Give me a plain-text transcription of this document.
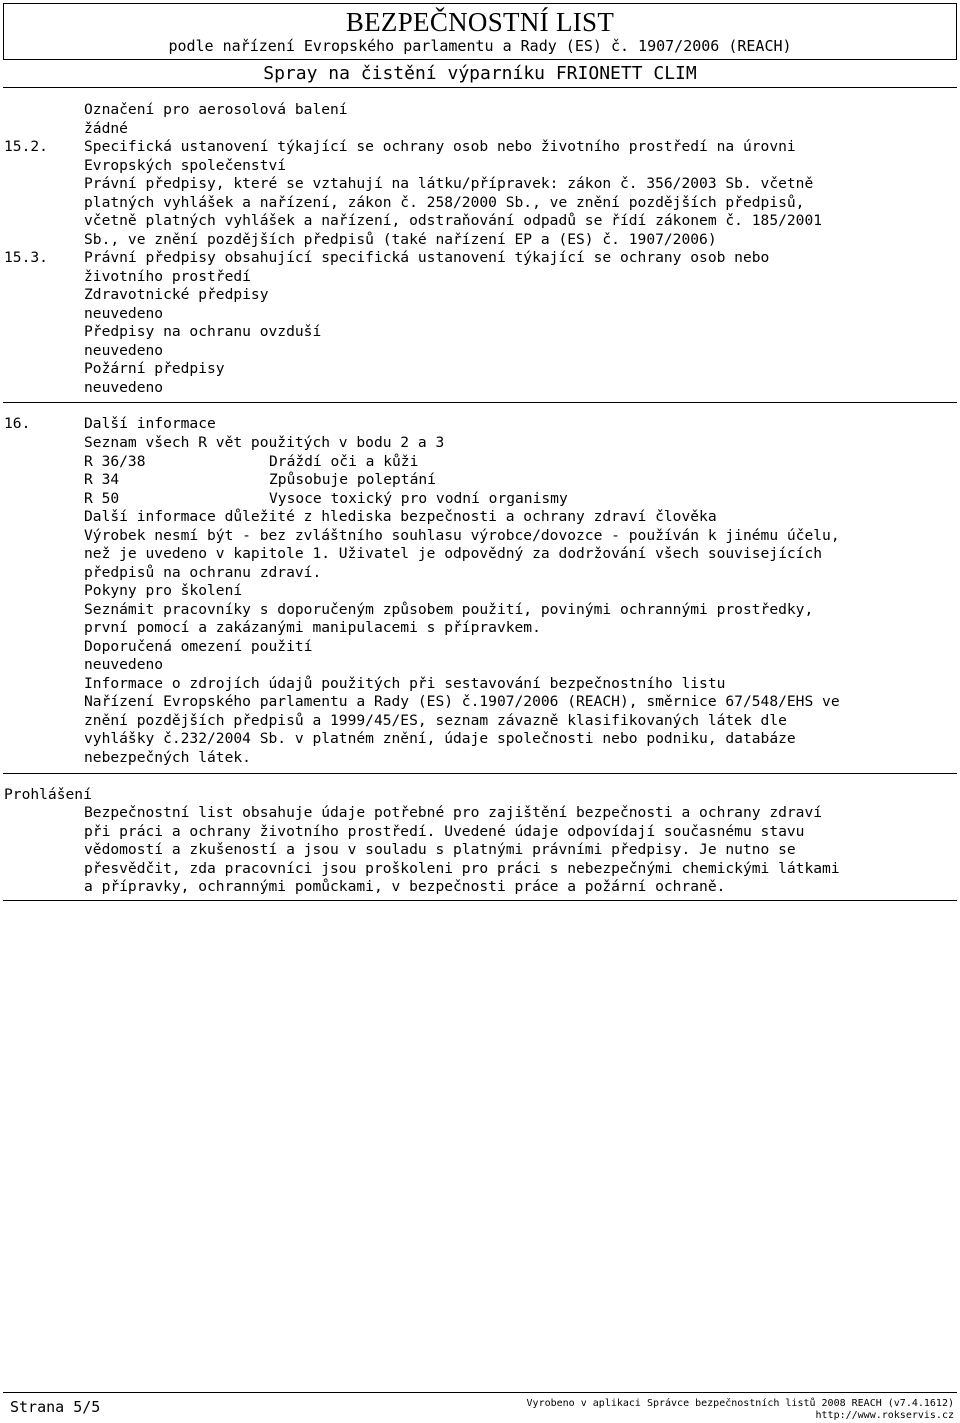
BEZPEČNOSTNÍ LIST
podle nařízení Evropského parlamentu a Rady (ES) č. 1907/2006 (REACH)
Spray na čistění výparníku FRIONETT CLIM
Označení pro aerosolová balení
žádné
15.2. Specifická ustanovení týkající se ochrany osob nebo životního prostředí na úrovni
Evropských společenství
Právní předpisy, které se vztahují na látku/přípravek: zákon č. 356/2003 Sb. včetně
platných vyhlášek a nařízení, zákon č. 258/2000 Sb., ve znění pozdějších předpisů,
včetně platných vyhlášek a nařízení, odstraňování odpadů se řídí zákonem č. 185/2001
Sb., ve znění pozdějších předpisů (také nařízení EP a (ES) č. 1907/2006)
15.3. Právní předpisy obsahující specifická ustanovení týkající se ochrany osob nebo
životního prostředí
Zdravotnické předpisy
neuvedeno
Předpisy na ochranu ovzduší
neuvedeno
Požární předpisy
neuvedeno
16.	Další informace
Seznam všech R vět použitých v bodu 2 a 3
R 36/38	Dráždí oči a kůži
R 34	Způsobuje poleptání
R 50	Vysoce toxický pro vodní organismy
Další informace důležité z hlediska bezpečnosti a ochrany zdraví člověka
Výrobek nesmí být - bez zvláštního souhlasu výrobce/dovozce - používán k jinému účelu,
než je uvedeno v kapitole 1. Uživatel je odpovědný za dodržování všech souvisejících
předpisů na ochranu zdraví.
Pokyny pro školení
Seznámit pracovníky s doporučeným způsobem použití, povinými ochrannými prostředky,
první pomocí a zakázanými manipulacemi s přípravkem.
Doporučená omezení použití
neuvedeno
Informace o zdrojích údajů použitých při sestavování bezpečnostního listu
Nařízení Evropského parlamentu a Rady (ES) č.1907/2006 (REACH), směrnice 67/548/EHS ve
znění pozdějších předpisů a 1999/45/ES, seznam závazně klasifikovaných látek dle
vyhlášky č.232/2004 Sb. v platném znění, údaje společnosti nebo podniku, databáze
nebezpečných látek.
Prohlášení
Bezpečnostní list obsahuje údaje potřebné pro zajištění bezpečnosti a ochrany zdraví
při práci a ochrany životního prostředí. Uvedené údaje odpovídají současnému stavu
vědomostí a zkušeností a jsou v souladu s platnými právními předpisy. Je nutno se
přesvědčit, zda pracovníci jsou proškoleni pro práci s nebezpečnými chemickými látkami
a přípravky, ochrannými pomůckami, v bezpečnosti práce a požární ochraně.
Strana 5/5	Vyrobeno v aplikaci Správce bezpečnostních listů 2008 REACH (v7.4.1612)
http://www.rokservis.cz
